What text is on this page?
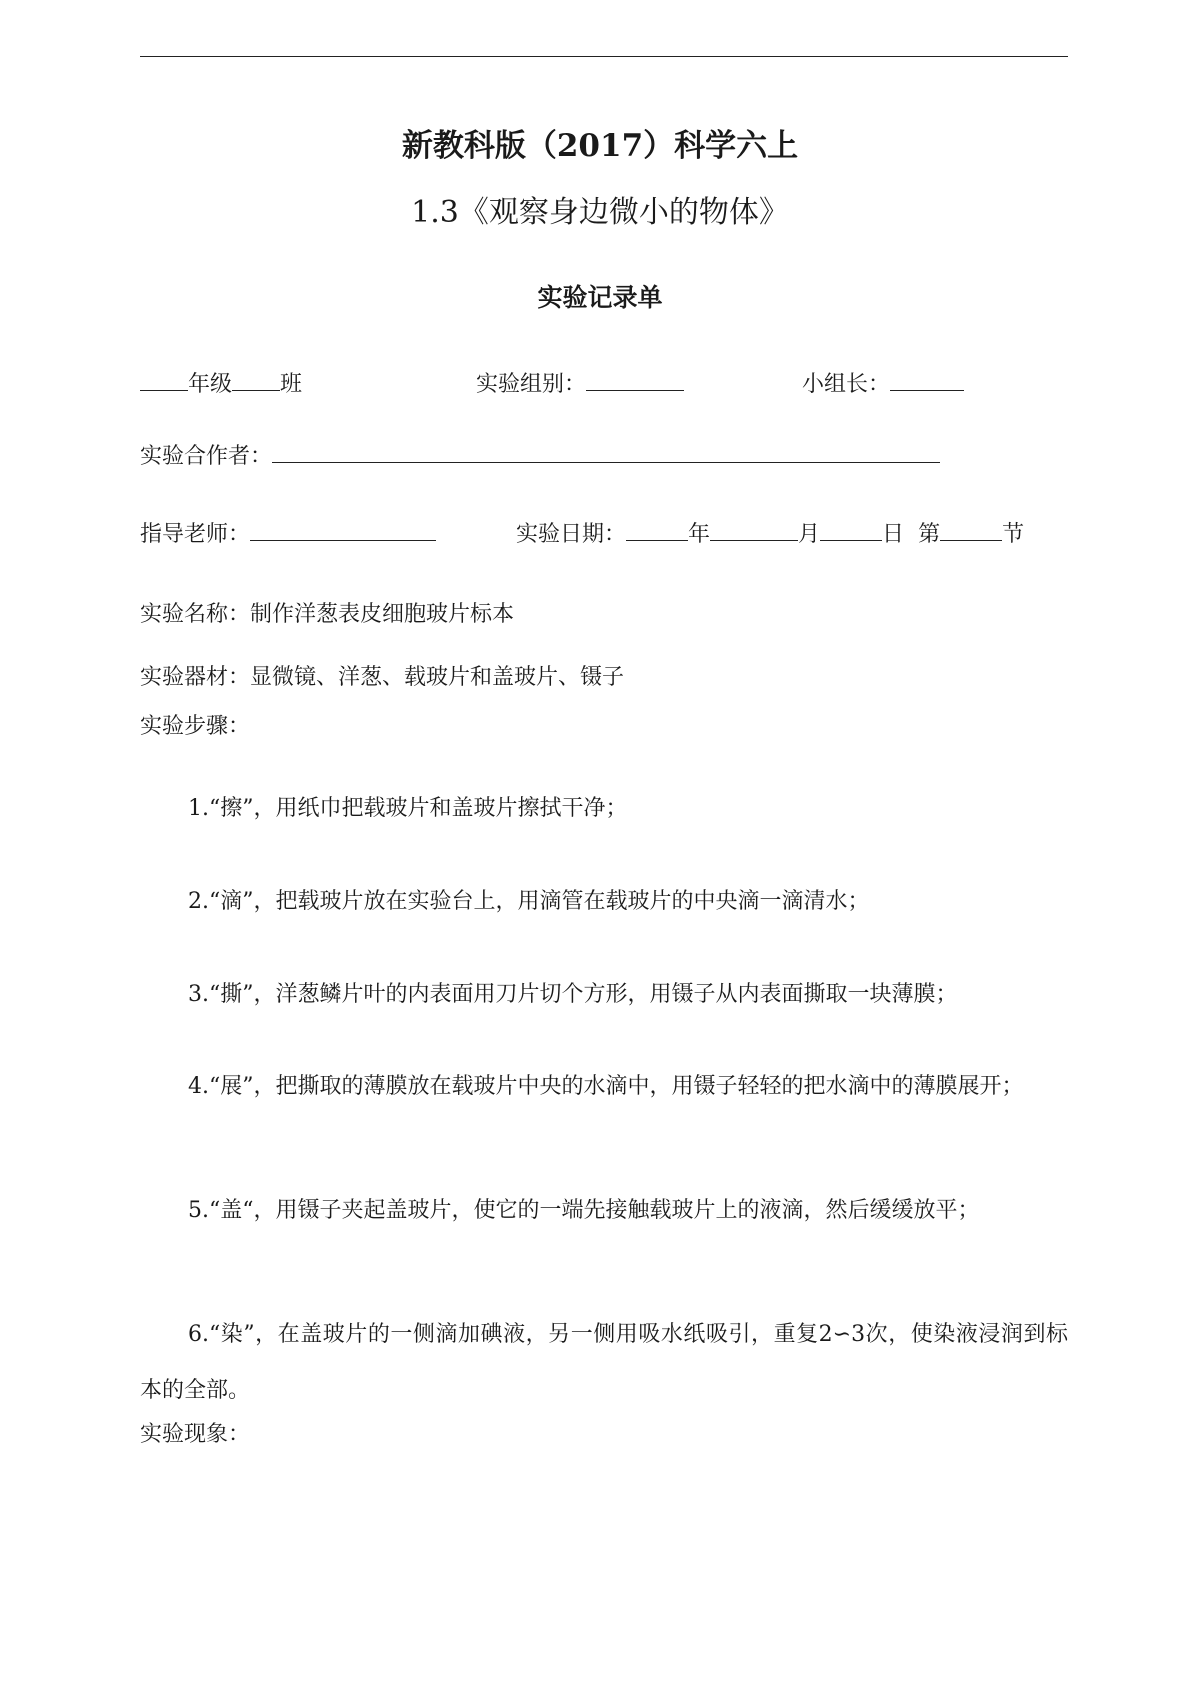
新教科版（2017）科学六上
1.3《观察身边微小的物体》
实验记录单
年级 班	实验组别：	小组长：
实验合作者：
指导老师：	实验日期：	年	月	日 第	节
实验名称：制作洋葱表皮细胞玻片标本
实验器材：显微镜、洋葱、载玻片和盖玻片、镊子
实验步骤：
1.“擦”，用纸巾把载玻片和盖玻片擦拭干净；
2.“滴”，把载玻片放在实验台上，用滴管在载玻片的中央滴一滴清水；
3.“撕”，洋葱鳞片叶的内表面用刀片切个方形，用镊子从内表面撕取一块薄膜；
4.“展”，把撕取的薄膜放在载玻片中央的水滴中，用镊子轻轻的把水滴中的薄膜展开；
5.“盖“，用镊子夹起盖玻片，使它的一端先接触载玻片上的液滴，然后缓缓放平；
6.“染”，在盖玻片的一侧滴加碘液，另一侧用吸水纸吸引，重复2∽3次，使染液浸润到标本的全部。
实验现象：
